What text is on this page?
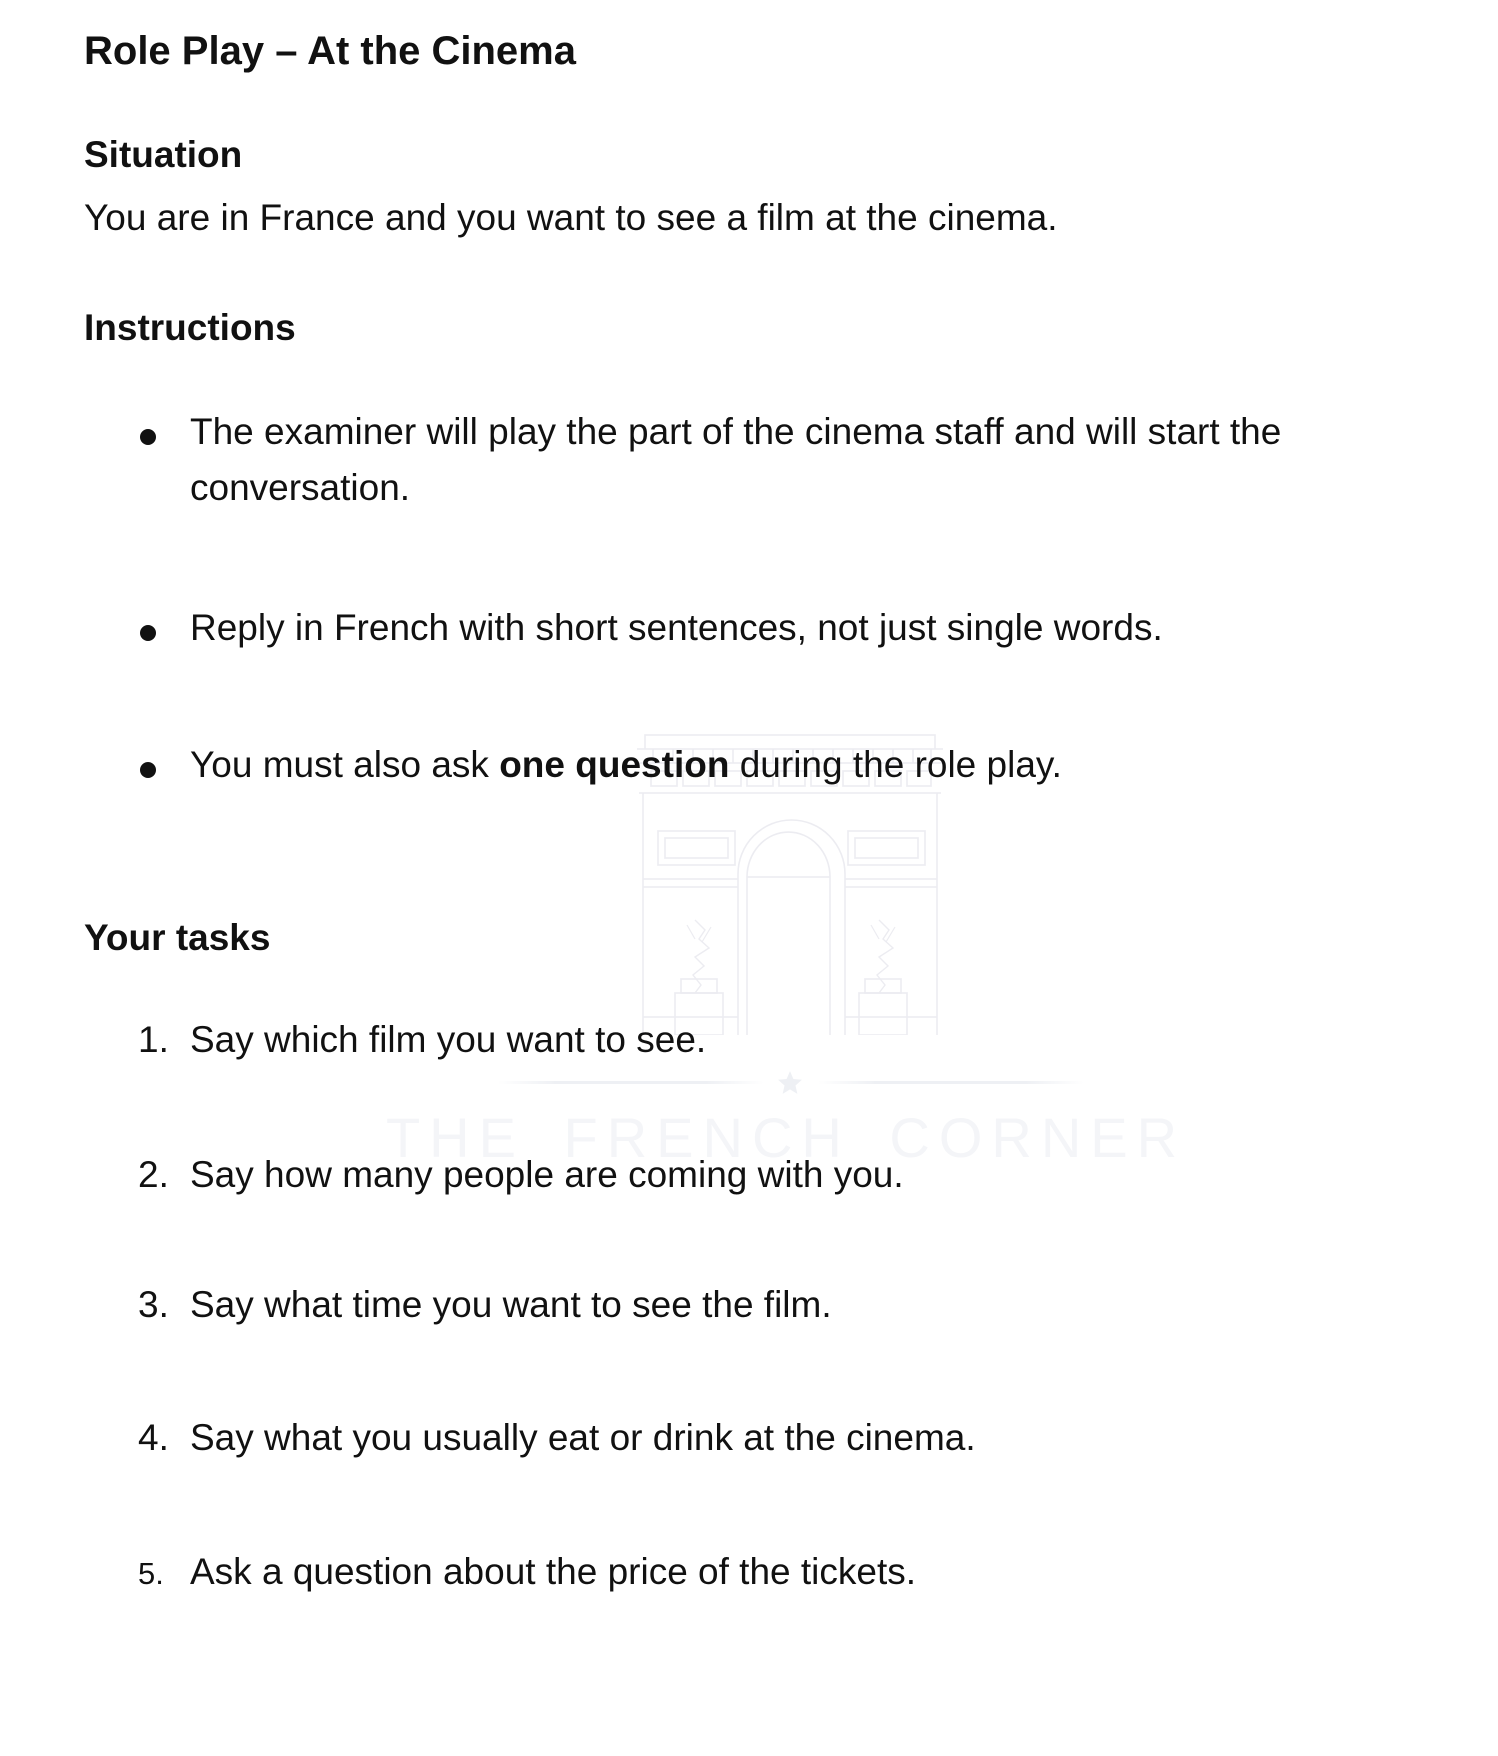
THE FRENCH CORNER
Role Play – At the Cinema
Situation
You are in France and you want to see a film at the cinema.
Instructions
The examiner will play the part of the cinema staff and will start the conversation.
Reply in French with short sentences, not just single words.
You must also ask one question during the role play.
Your tasks
1. Say which film you want to see.
2. Say how many people are coming with you.
3. Say what time you want to see the film.
4. Say what you usually eat or drink at the cinema.
5. Ask a question about the price of the tickets.
